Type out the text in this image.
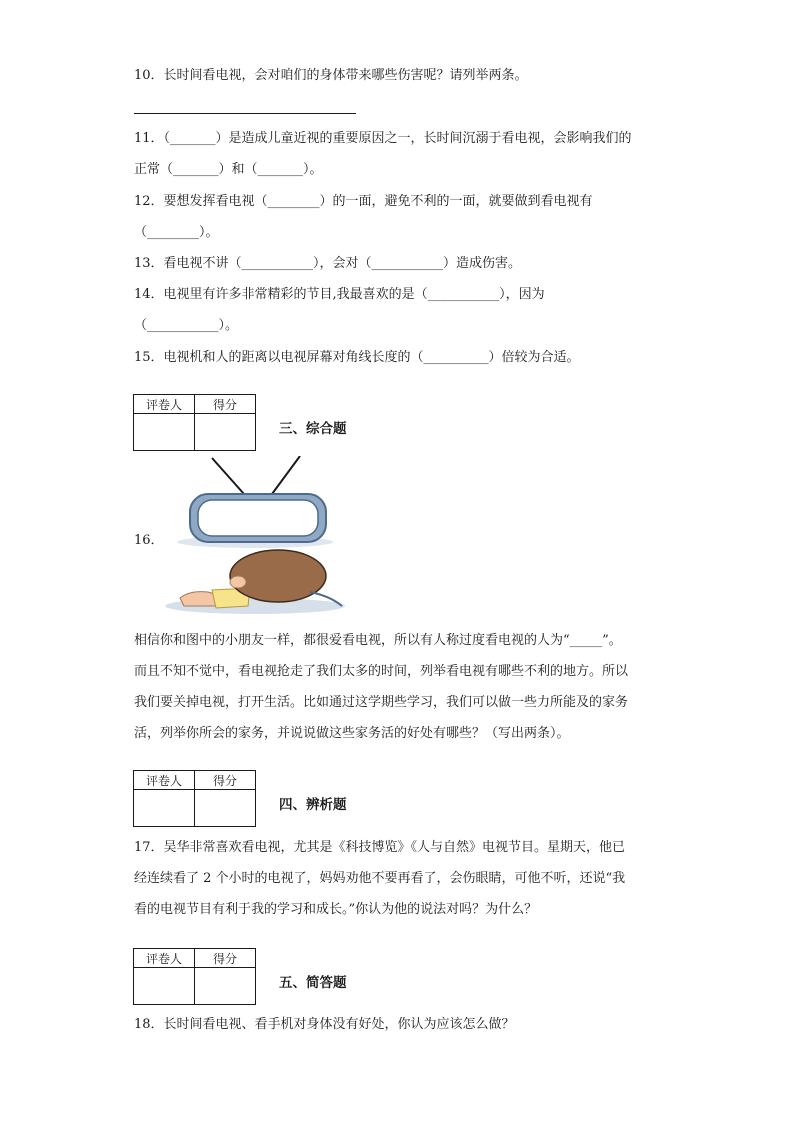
10．长时间看电视，会对咱们的身体带来哪些伤害呢？请列举两条。
11．（_______）是造成儿童近视的重要原因之一，长时间沉溺于看电视，会影响我们的
正常（_______）和（_______）。
12．要想发挥看电视（________）的一面，避免不利的一面，就要做到看电视有
（________）。
13．看电视不讲（___________），会对（___________）造成伤害。
14．电视里有许多非常精彩的节目,我最喜欢的是（___________），因为
（___________）。
15．电视机和人的距离以电视屏幕对角线长度的（__________）倍较为合适。
评卷人	得分

三、综合题
16．
相信你和图中的小朋友一样，都很爱看电视，所以有人称过度看电视的人为“_____”。
而且不知不觉中，看电视抢走了我们太多的时间，列举看电视有哪些不利的地方。所以
我们要关掉电视，打开生活。比如通过这学期些学习，我们可以做一些力所能及的家务
活，列举你所会的家务，并说说做这些家务活的好处有哪些？（写出两条）。
评卷人	得分

四、辨析题
17．吴华非常喜欢看电视，尤其是《科技博览》《人与自然》电视节目。星期天，他已
经连续看了 2 个小时的电视了，妈妈劝他不要再看了，会伤眼睛，可他不听，还说“我
看的电视节目有利于我的学习和成长。”你认为他的说法对吗？为什么？
评卷人	得分

五、简答题
18．长时间看电视、看手机对身体没有好处，你认为应该怎么做？
